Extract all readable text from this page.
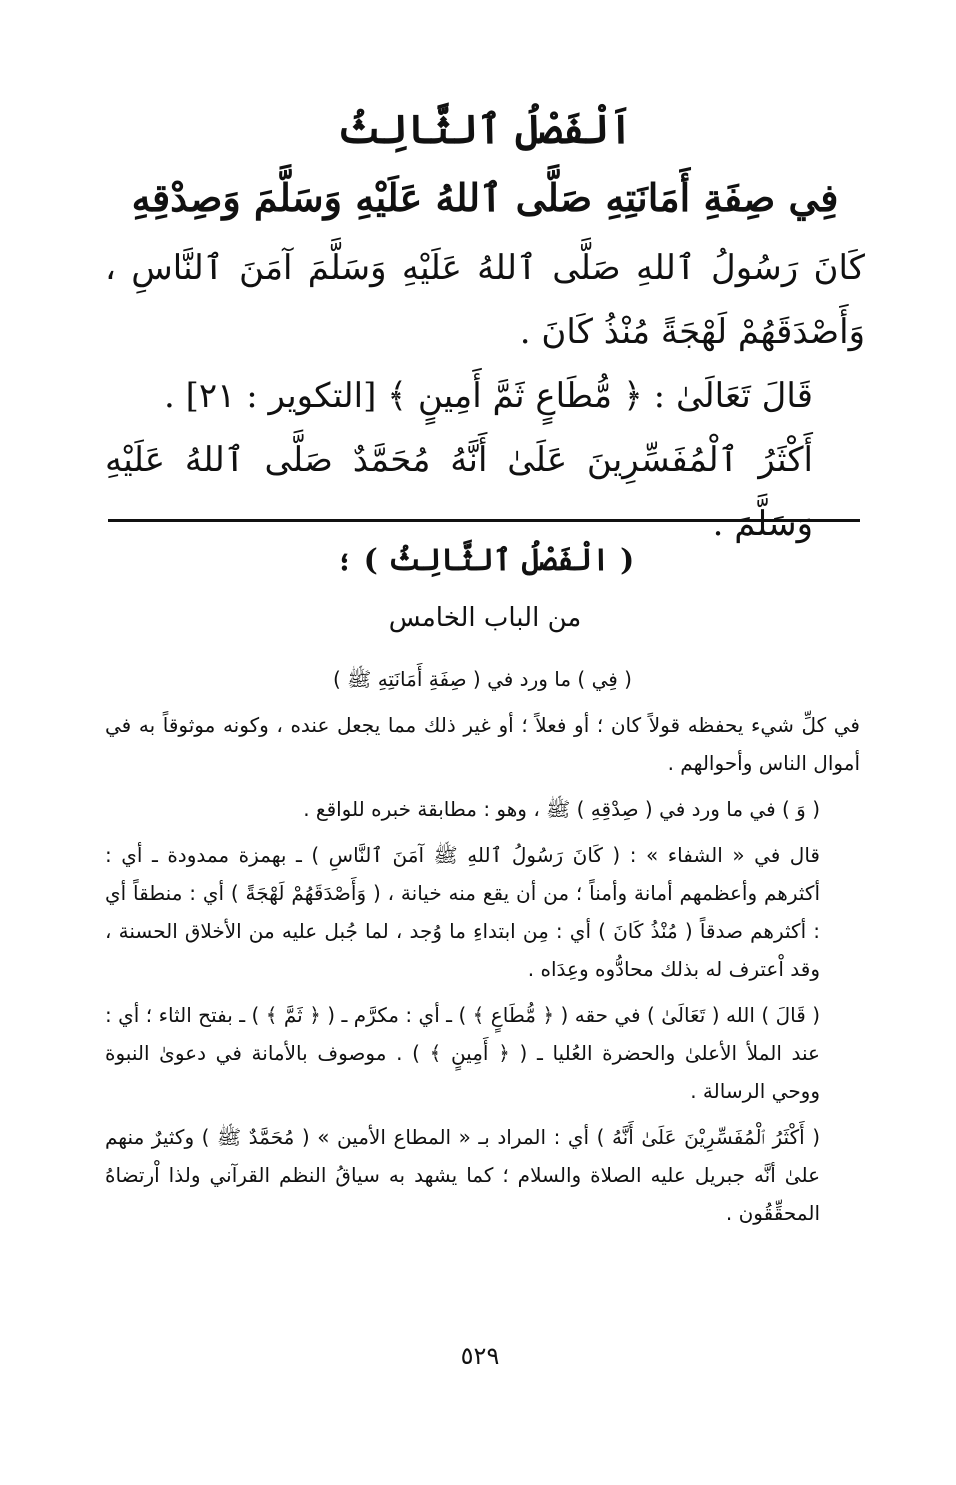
اَلْفَصْلُ ٱلثَّالِثُ
فِي صِفَةِ أَمَانَتِهِ صَلَّى ٱللهُ عَلَيْهِ وَسَلَّمَ وَصِدْقِهِ

كَانَ رَسُولُ ٱللهِ صَلَّى ٱللهُ عَلَيْهِ وَسَلَّمَ آمَنَ ٱلنَّاسِ ، وَأَصْدَقَهُمْ لَهْجَةً مُنْذُ كَانَ .

قَالَ تَعَالَىٰ : ﴿ مُّطَاعٍ ثَمَّ أَمِينٍ ﴾ [التكوير : ٢١] .

أَكْثَرُ ٱلْمُفَسِّرِينَ عَلَىٰ أَنَّهُ مُحَمَّدٌ صَلَّى ٱللهُ عَلَيْهِ وَسَلَّمَ .

( الْفَصْلُ ٱلثَّالِثُ ) ؛
من الباب الخامس

( فِي ) ما ورد في ( صِفَةِ أَمَانَتِهِ ﷺ )

في كلِّ شيء يحفظه قولاً كان ؛ أو فعلاً ؛ أو غير ذلك مما يجعل عنده ، وكونه موثوقاً به في أموال الناس وأحوالهم .

( وَ ) في ما ورد في ( صِدْقِهِ ) ﷺ ، وهو : مطابقة خبره للواقع .

قال في « الشفاء » : ( كَانَ رَسُولُ ٱللهِ ﷺ آمَنَ ٱلنَّاسِ ) ـ بهمزة ممدودة ـ أي : أكثرهم وأعظمهم أمانة وأمناً ؛ من أن يقع منه خيانة ، ( وَأَصْدَقَهُمْ لَهْجَةً ) أي : منطقاً أي : أكثرهم صدقاً ( مُنْذُ كَانَ ) أي : مِن ابتداءِ ما وُجد ، لما جُبل عليه من الأخلاق الحسنة ، وقد اْعترف له بذلك محادُّوه وعِدَاه .

( قَالَ ) الله ( تَعَالَىٰ ) في حقه ( ﴿ مُّطَاعٍ ﴾ ) ـ أي : مكرَّم ـ ( ﴿ ثَمَّ ﴾ ) ـ بفتح الثاء ؛ أي : عند الملأ الأعلىٰ والحضرة العُليا ـ ( ﴿ أَمِينٍ ﴾ ) . موصوف بالأمانة في دعوىٰ النبوة ووحي الرسالة .

( أَكْثَرُ ٱلْمُفَسِّرِيْنَ عَلَىٰ أَنَّهُ ) أي : المراد بـ « المطاع الأمين » ( مُحَمَّدٌ ﷺ ) وكثيرٌ منهم علىٰ أنَّه جبريل عليه الصلاة والسلام ؛ كما يشهد به سياقُ النظم القرآني ولذا اْرتضاهُ المحقِّقُون .

٥٢٩
